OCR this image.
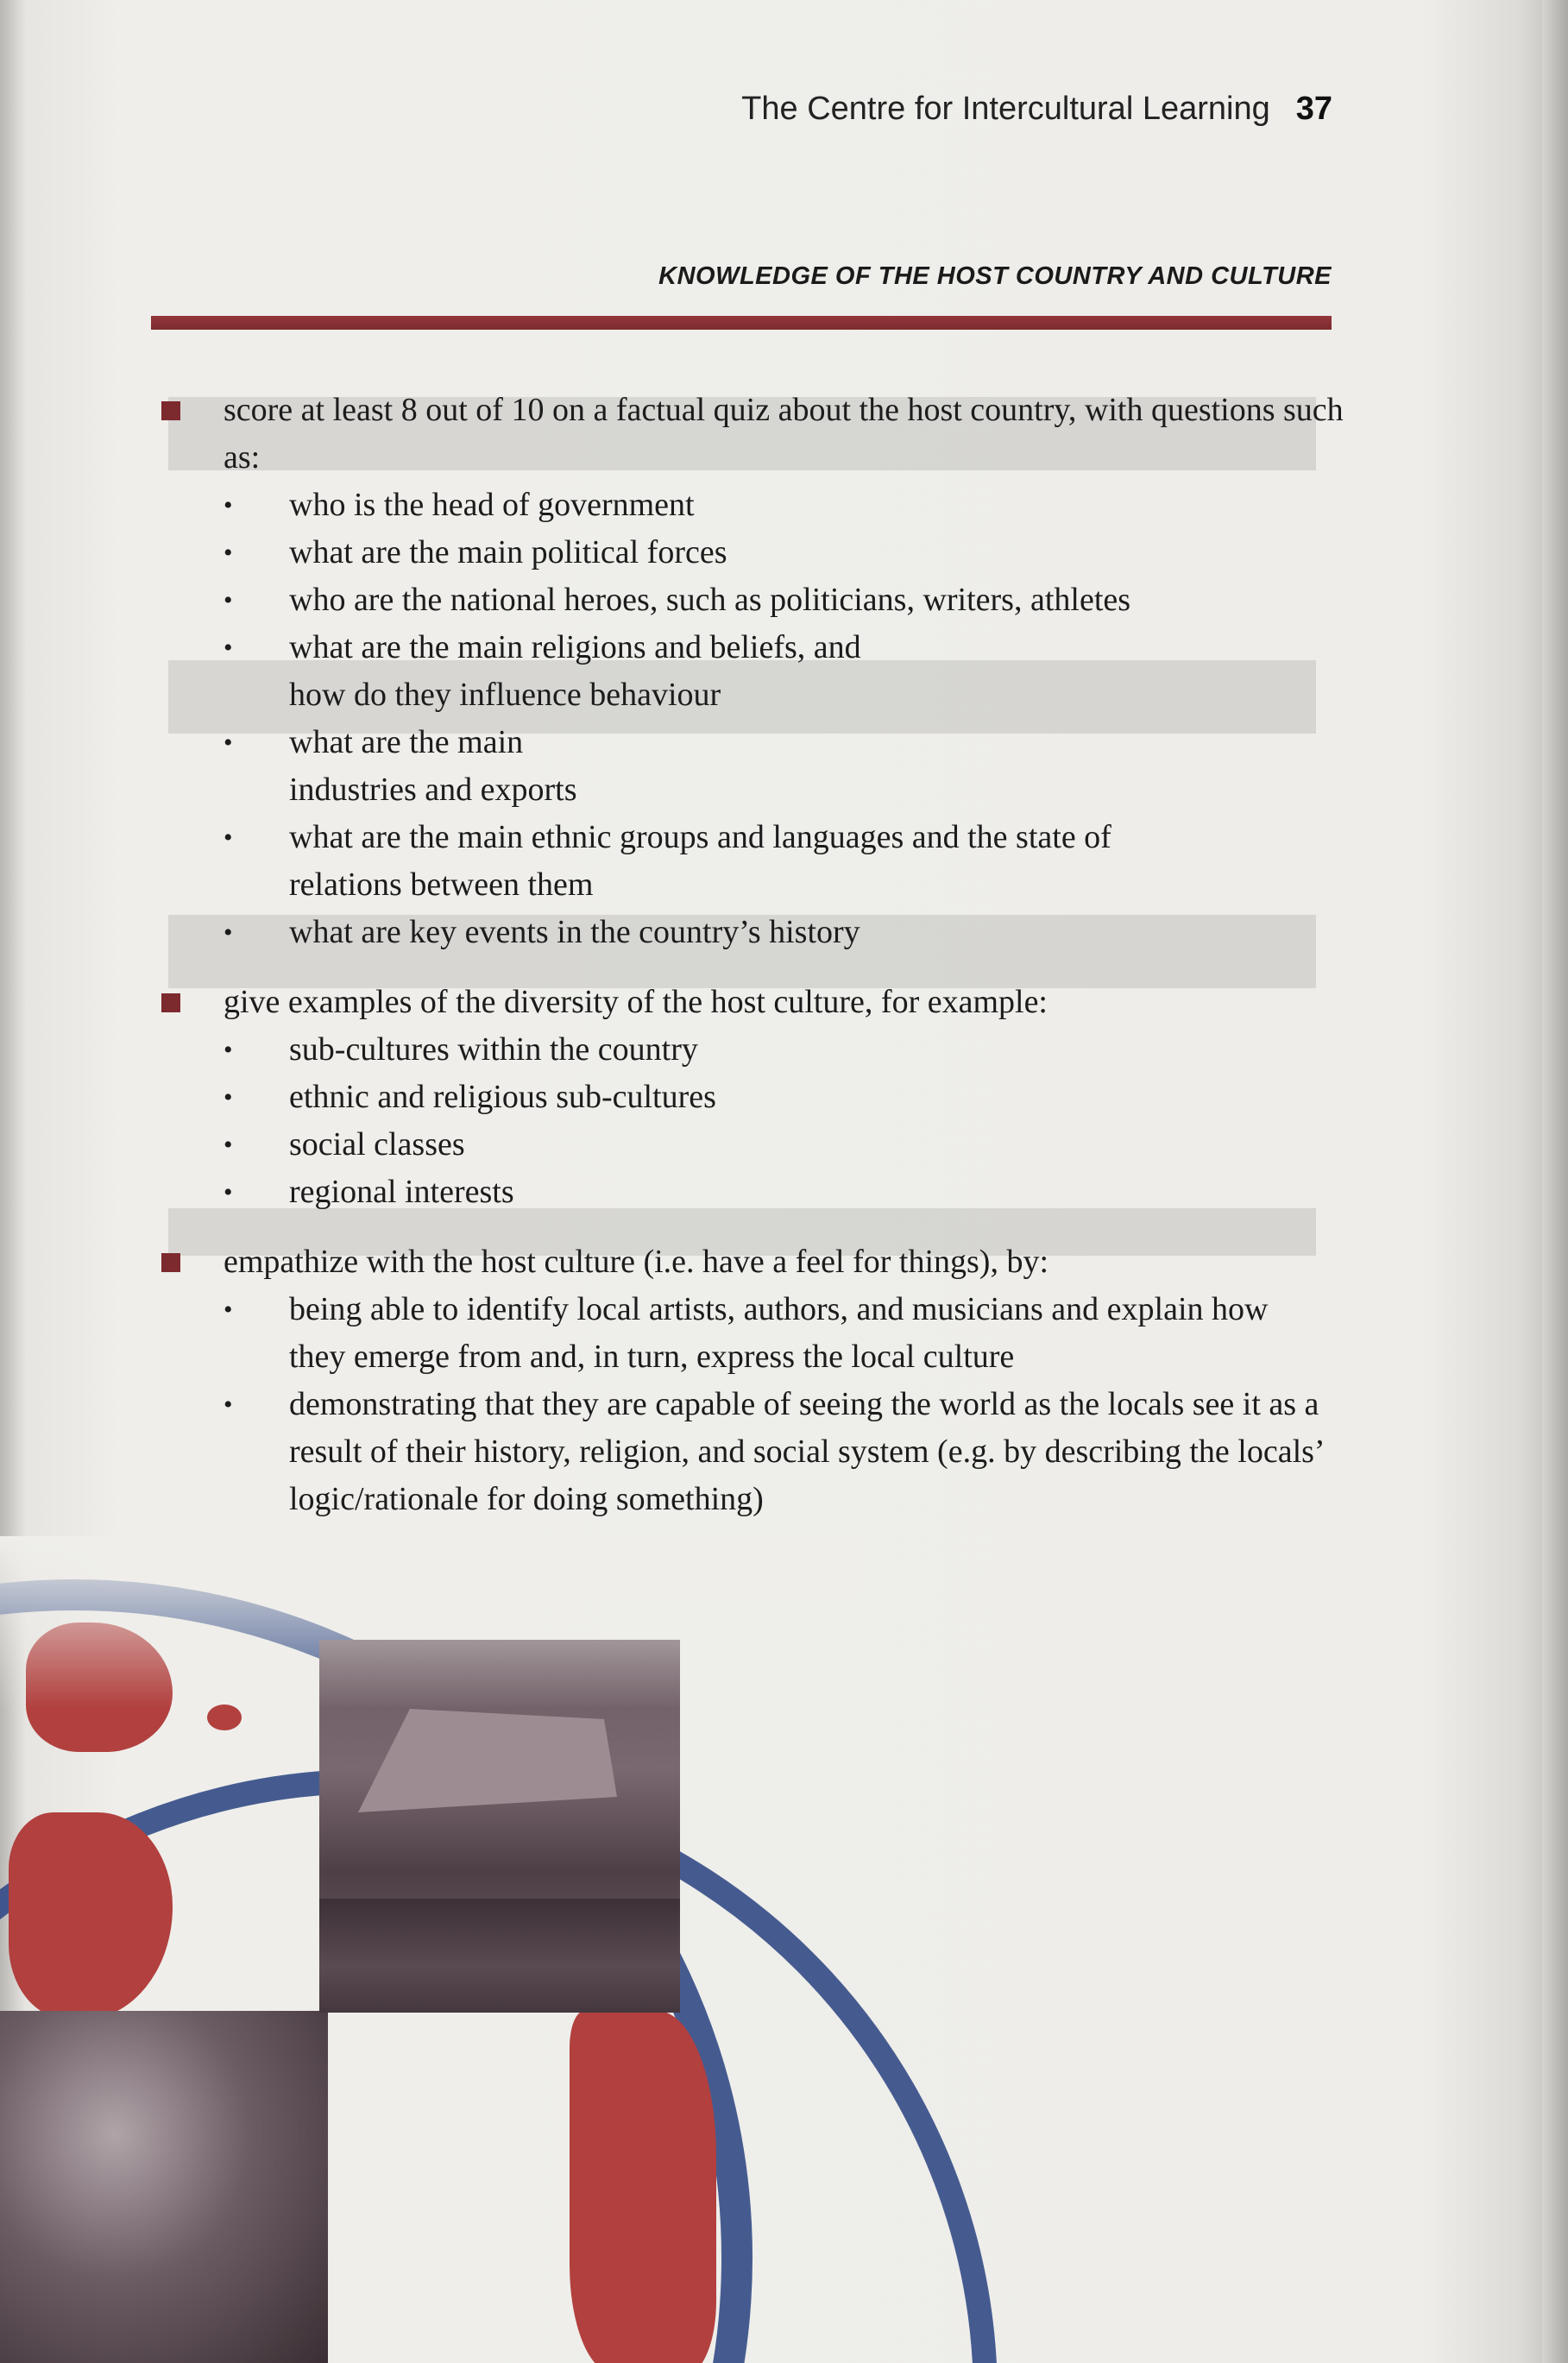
The Centre for Intercultural Learning 37
KNOWLEDGE OF THE HOST COUNTRY AND CULTURE

score at least 8 out of 10 on a factual quiz about the host country, with questions such as:

• who is the head of government
• what are the main political forces
• who are the national heroes, such as politicians, writers, athletes
• what are the main religions and beliefs, and how do they influence behaviour
• what are the main industries and exports
• what are the main ethnic groups and languages and the state of relations between them
• what are key events in the country’s history

give examples of the diversity of the host culture, for example:

• sub-cultures within the country
• ethnic and religious sub-cultures
• social classes
• regional interests

empathize with the host culture (i.e. have a feel for things), by:

• being able to identify local artists, authors, and musicians and explain how they emerge from and, in turn, express the local culture
• demonstrating that they are capable of seeing the world as the locals see it as a result of their history, religion, and social system (e.g. by describing the locals’ logic/rationale for doing something)
